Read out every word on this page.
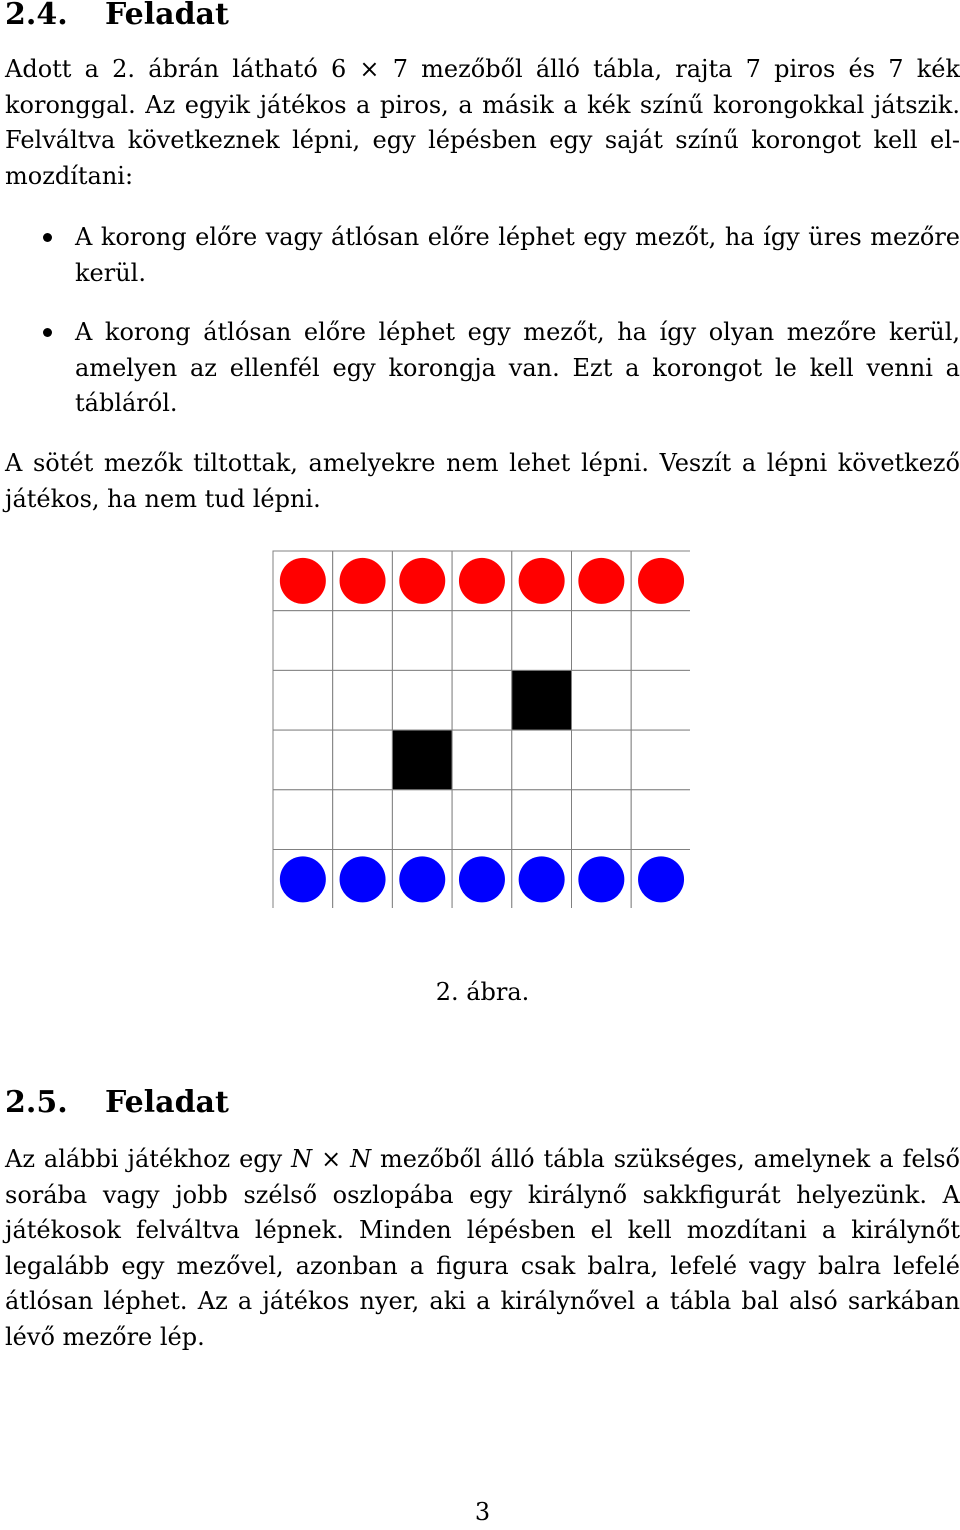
2.4. Feladat

Adott a 2. ábrán látható 6 × 7 mezőből álló tábla, rajta 7 piros és 7 kék koronggal. Az egyik játékos a piros, a másik a kék színű korongokkal játszik. Felváltva következnek lépni, egy lépésben egy saját színű korongot kell elmozdítani:

A korong előre vagy átlósan előre léphet egy mezőt, ha így üres mezőre kerül.
A korong átlósan előre léphet egy mezőt, ha így olyan mezőre kerül, amelyen az ellenfél egy korongja van. Ezt a korongot le kell venni a tábláról.

A sötét mezők tiltottak, amelyekre nem lehet lépni. Veszít a lépni következő játékos, ha nem tud lépni.

2. ábra.
2.5. Feladat

Az alábbi játékhoz egy N × N mezőből álló tábla szükséges, amelynek a felső sorába vagy jobb szélső oszlopába egy királynő sakkfigurát helyezünk. A játékosok felváltva lépnek. Minden lépésben el kell mozdítani a királynőt legalább egy mezővel, azonban a figura csak balra, lefelé vagy balra lefelé átlósan léphet. Az a játékos nyer, aki a királynővel a tábla bal alsó sarkában lévő mezőre lép.

3
